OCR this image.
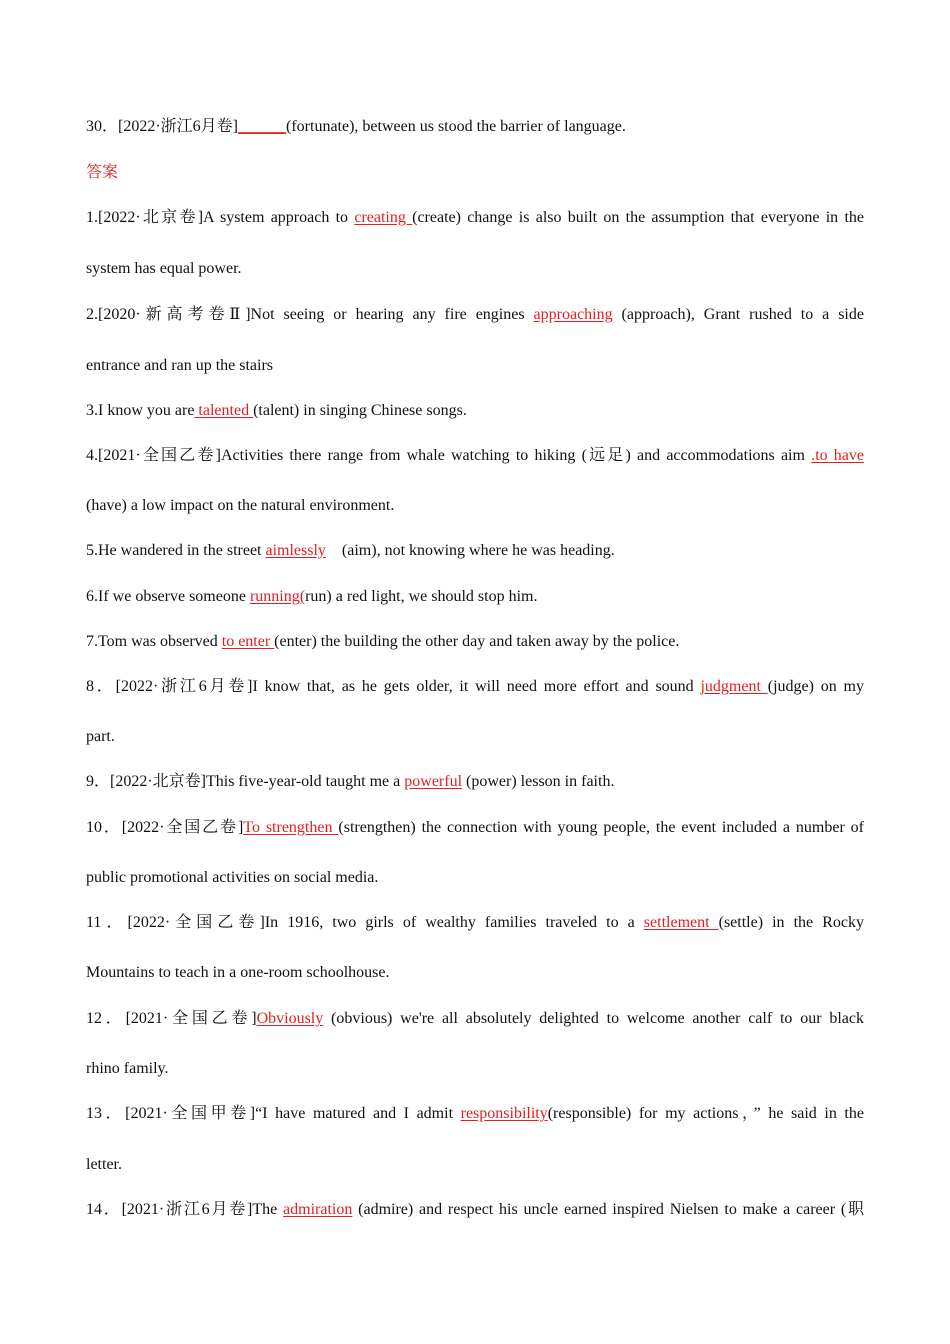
30．[2022·浙江6月卷]______(fortunate), between us stood the barrier of language.
答案
1.[2022·北京卷]A system approach to creating (create) change is also built on the assumption that everyone in the
system has equal power.
2.[2020·新高考卷Ⅱ]Not seeing or hearing any fire engines approaching (approach), Grant rushed to a side
entrance and ran up the stairs
3.I know you are talented (talent) in singing Chinese songs.
4.[2021·全国乙卷]Activities there range from whale watching to hiking (远足) and accommodations aim .to have
(have) a low impact on the natural environment.
5.He wandered in the street aimlessly    (aim), not knowing where he was heading.
6.If we observe someone running(run) a red light, we should stop him.
7.Tom was observed to enter (enter) the building the other day and taken away by the police.
8．[2022·浙江6月卷]I know that, as he gets older, it will need more effort and sound judgment (judge) on my
part.
9．[2022·北京卷]This five-year-old taught me a powerful (power) lesson in faith.
10．[2022·全国乙卷]To strengthen (strengthen) the connection with young people, the event included a number of
public promotional activities on social media.
11．[2022·全国乙卷]In 1916, two girls of wealthy families traveled to a settlement (settle) in the Rocky
Mountains to teach in a one-room schoolhouse.
12．[2021·全国乙卷]Obviously (obvious) we're all absolutely delighted to welcome another calf to our black
rhino family.
13．[2021·全国甲卷]“I have matured and I admit responsibility(responsible) for my actions，” he said in the
letter.
14．[2021·浙江6月卷]The admiration (admire) and respect his uncle earned inspired Nielsen to make a career (职
